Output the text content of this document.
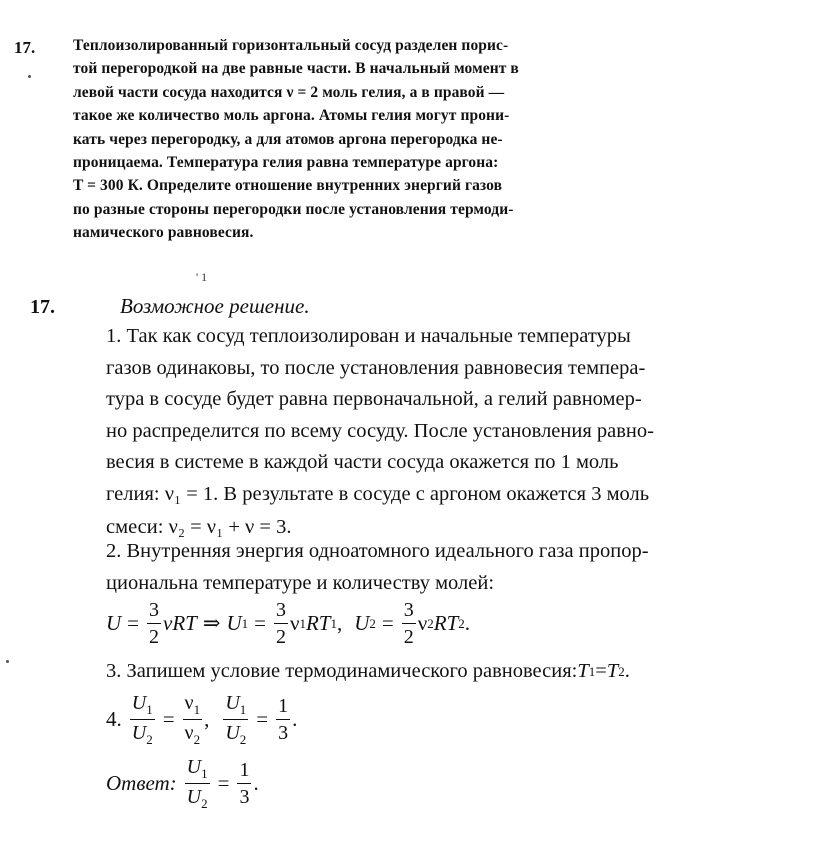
17. Теплоизолированный горизонтальный сосуд разделен порис-
той перегородкой на две равные части. В начальный момент в
левой части сосуда находится ν = 2 моль гелия, а в правой —
такое же количество моль аргона. Атомы гелия могут прони-
кать через перегородку, а для атомов аргона перегородка не-
проницаема. Температура гелия равна температуре аргона:
T = 300 К. Определите отношение внутренних энергий газов
по разные стороны перегородки после установления термоди-
намического равновесия.
' 1
17.	Возможное решение.
1. Так как сосуд теплоизолирован и начальные температуры
газов одинаковы, то после установления равновесия темпера-
тура в сосуде будет равна первоначальной, а гелий равномер-
но распределится по всему сосуду. После установления равно-
весия в системе в каждой части сосуда окажется по 1 моль
гелия: ν₁ = 1. В результате в сосуде с аргоном окажется 3 моль
смеси: ν₂ = ν₁ + ν = 3.
2. Внутренняя энергия одноатомного идеального газа пропор-
циональна температуре и количеству молей:
$U = \frac{3}{2}$ νRT ⇒ U $1 = \frac{3}{2}$ ν 1 RT 1 , U $2 = \frac{3}{2}$ ν 2 RT 2 .
3. Запишем условие термодинамического равновесия: T 1 = T 2 .
4. $\frac{U_1}{U_2} = \frac{\nu_1}{\nu_2}$ , $\frac{U_1}{U_2} = \frac{1}{3}$ .
Ответ: $\frac{U_1}{U_2} = \frac{1}{3}$ .
